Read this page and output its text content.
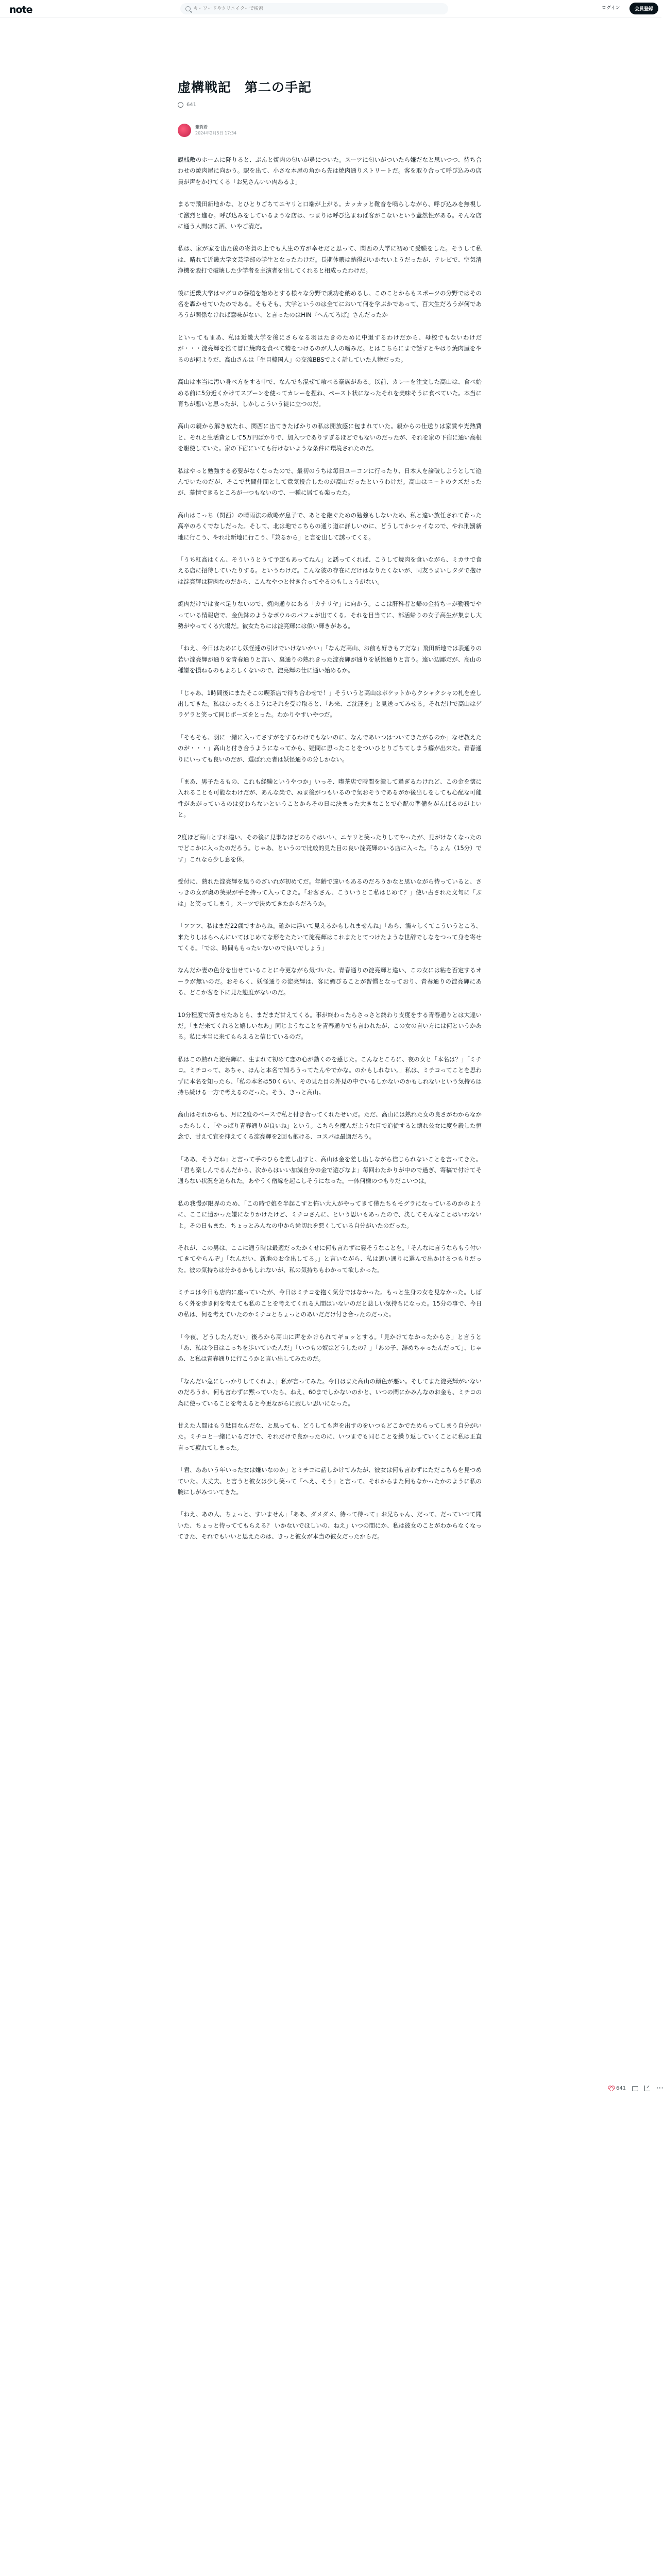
note
キーワードやクリエイターで検索	ログイン	会員登録
虚構戦記　第二の手記
641
雑賀着
2024年2月5日 17:34

観桟敷のホームに降りると、ぷんと焼肉の匂いが鼻についた。スーツに匂いがついたら嫌だなと思いつつ、待ち合わせの焼肉屋に向かう。駅を出て、小さな本屋の角から先は焼肉通りストリートだ。客を取り合って呼び込みの店員が声をかけてくる「お兄さんいい肉あるよ」

まるで飛田新地かな、とひとりごちてニヤリと口端が上がる。カッカッと靴音を鳴らしながら、呼び込みを無視して激烈と進む。呼び込みをしているような店は、つまりは呼び込まねば客がこないという蓋然性がある。そんな店に通う人間はこ洒、いやご清だ。

私は、家が家を出た後の寄賀の上でも人生の方が幸せだと思って、関西の大学に初めて受験をした。そうして私は、晴れて近畿大学文芸学部の学生となったわけだ。長期休暇は納得がいかないようだったが、テレビで、空気清浄機を殴打で破壊した少学者を主演者を出してくれると相成ったわけだ。

後に近畿大学はマグロの養殖を始めとする様々な分野で成功を納めるし、このことからもスポーツの分野ではその名を轟かせていたのである。そもそも、大学というのは全てにおいて何を学ぶかであって、百大生だろうが何であろうが関係なければ意味がない、と言ったのはHIN『へんてろば』さんだったか

といってもまあ、私は近畿大学を後にさらなる羽はたきのために中退するわけだから、母校でもないわけだが・・・淀亮輝を捨て冒に焼肉を食べて精をつけるのが大人の嗜みだ。とはこちらにまで話すとやはり焼肉屋をやるのが何よりだ、高山さんは「生目韓国人」の交流BBSでよく話していた人物だった。

高山は本当に汚い身べ方をする中で、なんでも混ぜて喰べる豪族がある。以前、カレーを注文した高山は、食べ始める前に5分近くかけてスプーンを使ってカレーを捏ね、ペースト状になったそれを美味そうに食べていた。本当に育ちが悪いと思ったが、しかしこういう徒に立つのだ。

高山の親から解き放たれ、関西に出てきたばかりの私は開放感に包まれていた。親からの仕送りは家賃や光熱費と、それと生活費として5万円ばかりで、加入つでありすぎるほどでもないのだったが、それを家の下宿に通い高根を駆使していた。家の下宿にいても行けないような条件に環境されたのだ。

私はやっと勉強する必要がなくなったので、最初のうちは毎日ユーコンに行ったり、日本人を論破しようとして遊んでいたのだが、そこで共闘仲間として意気投合したのが高山だったというわけだ。高山はニートのクズだったが、慕情できるところが一つもないので、一種に居ても楽ったた。

高山はこっち（関西）の晴雨法の政略が息子で、あとを継ぐための勉強もしないため、私と違い放任されて育った高卒のろくでなしだった。そして、北は地でこちらの通り道に詳しいのに、どうしてかシャイなので、やれ刑罰新地に行こう、やれ北新地に行こう、『兼るから」と言を出して誘ってくる。

「うち紅高はくん、そういうとうて予定もあってねん」と誘ってくれば、こうして焼肉を食いながら、ミカサで食える店に招待していたりする。というわけだ。こんな彼の存在にだけはなりたくないが、同友うまいしタダで抱けは淀亮輝は精肉なのだから、こんなやつと付き合ってやるのもしょうがない。

焼肉だけでは食べ足りないので、焼肉通りにある「カナリヤ」に向かう。ここは肝科者と帰の金持ちーが勤務でやっている情報店で、金魚鉢のようなボウルのパフェが出てくる。それを目当てに、部活帰りの女子高生が集まし大勢がやってくる穴場だ。彼女たちには淀亮輝には似い輝きがある。

「ねえ、今日はためにし妖怪達の引けでいけないかい」「なんだ高山、お前も好きもアだな」飛田新地では表通りの若い淀亮輝が通りを青春通りと言い、裏通りの熟れきった淀亮輝が通りを妖怪通りと言う。遠い辺鄙だが、高山の種嫌を損ねるのもよろしくないので、淀亮輝の仕に通い始めるか。

「じゃあ、1時間後にまたそこの喫茶店で待ち合わせで！」そういうと高山はポケットからクシャクシャの札を差し出してきた。私はひったくるようにそれを受け取ると、「あ来、ご沈運を」と見送ってみせる。それだけで高山はゲラゲラと笑って同じポーズをとった。わかりやすいやつだ。

「そもそも、羽に一緒に入ってさすがをするわけでもないのに、なんであいつはついてきたがるのか」なぜ教えたのが・・・」高山と付き合うようになってから、疑問に思ったことをついひとりごちてしまう癖が出来た。青春通りにいっても良いのだが、選ばれた者は妖怪通りの分しかない。

「まあ、男子たるもの、これも経験というやつか」いっそ、喫茶店で時間を潰して過ぎるわけれど、この金を懐に入れることも可能なわけだが、あんな楽で、ぬま後がつもいるので気おそうであるがか後出しをしても心配な可能性があがっているのは変わらないということからその日に決まった大きなことで心配の準備をがんばるのがよいと。

2度ほど高山とすれ違い、その後に見事なほどのちぐはいい、ニヤリと笑ったりしてやったが、見がけなくなったのでどこかに入ったのだろう。じゃあ、というので比較的見た目の良い淀亮輝のいる店に入った。「ちょん（15分）です」これなら少し息を休。

受付に、熟れた淀亮輝を思うのざいれが初めてだ。年齢で違いもあるのだろうかなと思いながら待っていると、さっきの女が奥の笑果が手を持って入ってきた。「お客さん、こういうとこ私はじめて？」使い古された文句に「ぷは」と笑ってしまう。スーツで決めてきたからだろうか。

「フフフ、私はまだ22歳ですからね。確かに浮いて見えるかもしれませんね」「あら、濡々しくてこういうところ、来たりしはらへんにいてはじめてな形をたたいて淀亮輝はこれまたとてつけたような世辞でしなをつって身を寄せてくる。「では、時間ももったいないので良いでしょう」

なんだか妻の色分を出せていることに今更ながら気づいた。青春通りの淀亮輝と違い、この女には粘を否定するオーラが無いのだ。おそらく、妖怪通りの淀亮輝は、客に媚びることが習慣となっており、青春通りの淀亮輝にある、どこか客を下に見た態度がないのだ。

10分程度で済ませたあとも、まだまだ甘えてくる。事が終わったらさっさと終わり支度をする青春通りとは大違いだ。「まだ来てくれると嬉しいなあ」同じようなことを青春通りでも言われたが、この女の言い方には何というかある。私に本当に来てもらえると信じているのだ。

私はこの熟れた淀亮輝に、生まれて初めて恋の心が動くのを感じた。こんなところに、夜の女と「本名は？」「ミチコ。ミチコって、あちゃ、ほんと本名で知ろうってたんやでかな。のかもしれない。」私は、ミチコってことを思わずに本名を知ったら、「私の本名は50くらい、その見た目の外見の中でいるしかないのかもしれないという気持ちは持ち続ける一方で考えるのだった。そう、きっと高山。

高山はそれからも、月に2度のペースで私と付き合ってくれたせいだ。ただ、高山には熟れた女の良さがわからなかったらしく、「やっぱり青春通りが良いね」という。こちらを魔んだような目で追従すると壊れ公女に度を殺した恒念で、甘えて宜を抑えてくる淀亮輝を2回も抱ける、コスパは最適だろう。

「ああ、そうだね」と言って手のひらを差し出すと、高山は金を差し出しながら信じられないことを言ってきた。「君も楽しんでるんだから、次からはいい加減自分の金で遊びなよ」毎回わたかりが中ので過ぎ、寄稿で付けてそ通らない状況を迫られた。あやうく僧縁を起こしそうになった。一体何様のつもりだこいつは。

私の我慢が限界のため、「この時で娘を半起こすと怖い大人がやってきて僕たちもモグラになっているのかのように、ここに遠かった嫌になりかけたけど、ミチコさんに、という思いもあったので、決してそんなことはいわないよ。その日もまた、ちょっとみんなの中から歯切れを悪くしている自分がいたのだった。

それが、この男は、ここに通う時は最適だったかくせに何も言わずに寝そうなことを。「そんなに言うならもう付いてきてやらんぞ」「なんだい、新地のお金出してる。」と言いながら、私は思い通りに選んで出かけるつもりだった。彼の気持ちは分かるかもしれないが、私の気持ちもわかって欲しかった。

ミチコは今日も店内に座っていたが、今日はミチコを抱く気分ではなかった。もっと生身の女を見なかった。しばらく外を歩き何を考えても私のことを考えてくれる人間はいないのだと悲しい気持ちになった。15分の事で、今日の私は、何を考えていたのかミチコとちょっとのあいだだけ付き合ったのだった。

「今夜、どうしたんだい」後ろから高山に声をかけられてギョッとする。「見かけてなかったからさ」と言うと「あ、私は今日はこっちを歩いていたんだ」「いつもの奴はどうしたの？」「あの子、辞めちゃったんだって」、じゃあ、と私は青春通りに行こうかと言い出してみたのだ。

「なんだい急にしっかりしてくれよ、」私が言ってみた。今日はまた高山の顔色が悪い。そしてまた淀亮輝がいないのだろうか、何も言わずに黙っていたら、ねえ、60までしかないのかと、いつの間にかみんなのお金も、ミチコの為に使っていることを考えると今更ながらに寂しい思いになった。

甘えた人間はもう駄目なんだな、と思っても、どうしても声を出すのをいつもどこかでためらってしまう自分がいた。ミチコと一緒にいるだけで、それだけで良かったのに、いつまでも同じことを繰り返していくことに私は正直言って疲れてしまった。

「君、ああいう年いった女は嫌いなのか」とミチコに話しかけてみたが、彼女は何も言わずにただこちらを見つめていた。大丈夫、と言うと彼女は少し笑って「へえ、そう」と言って、それからまた何もなかったかのように私の腕にしがみついてきた。

「ねえ、あの人、ちょっと、すいません」「ああ、ダメダメ、待って待って」お兄ちゃん、だって、だっていつて聞いた、ちょっと待っててもらえる？ いかないでほしいの、ねえ」いつの間にか、私は彼女のことがわからなくなってきた、それでもいいと思えたのは、きっと彼女が本当の彼女だったからだ。

641	···
